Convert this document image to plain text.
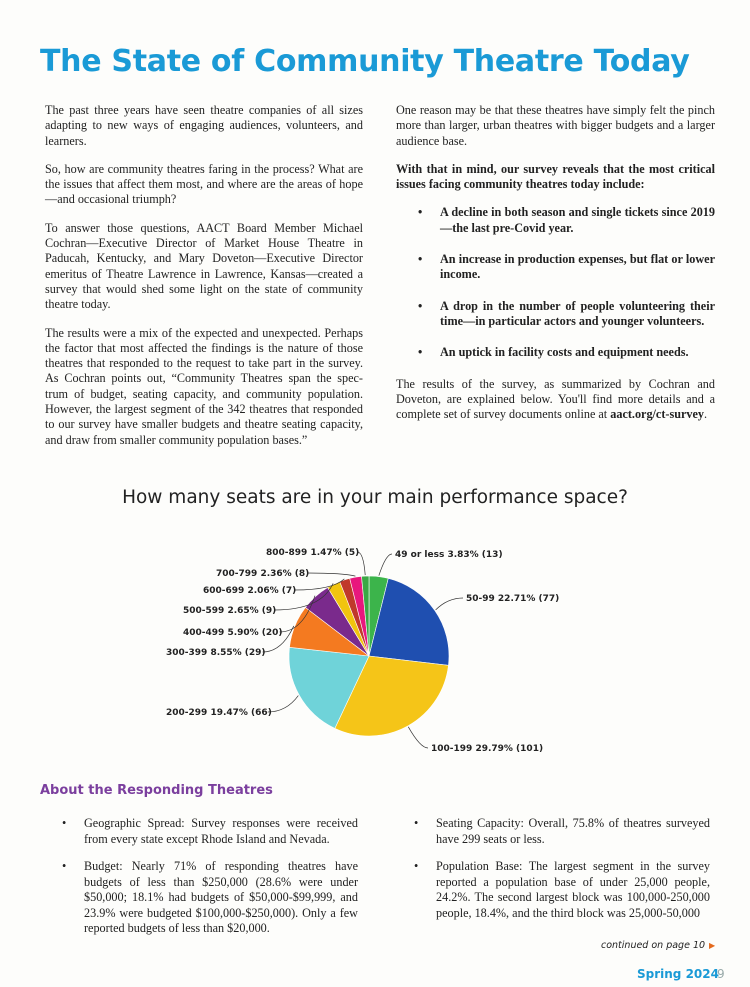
The State of Community Theatre Today

The past three years have seen theatre companies of all sizes adapting to new ways of engaging audiences, volunteers, and learners.

So, how are community theatres faring in the process? What are the issues that affect them most, and where are the areas of hope—and occasional triumph?

To answer those questions, AACT Board Member Michael Cochran—Executive Director of Market House Theatre in Paducah, Kentucky, and Mary Doveton—Executive Director emeritus of Theatre Lawrence in Lawrence, Kansas—created a survey that would shed some light on the state of community theatre today.

The results were a mix of the expected and unexpected. Perhaps the factor that most affected the findings is the nature of those theatres that responded to the request to take part in the survey. As Cochran points out, “Community Theatres span the spec-trum of budget, seating capacity, and community population. However, the largest segment of the 342 theatres that responded to our survey have smaller budgets and theatre seating capacity, and draw from smaller community population bases.”

One reason may be that these theatres have simply felt the pinch more than larger, urban theatres with bigger budgets and a larger audience base.

With that in mind, our survey reveals that the most critical issues facing community theatres today include:

• A decline in both season and single tickets since 2019—the last pre-Covid year.
• An increase in production expenses, but flat or lower income.
• A drop in the number of people volunteering their time—in particular actors and younger volunteers.
• An uptick in facility costs and equipment needs.

The results of the survey, as summarized by Cochran and Doveton, are explained below. You'll find more details and a complete set of survey documents online at aact.org/ct-survey.

How many seats are in your main performance space?
49 or less 3.83% (13)
50-99 22.71% (77)
100-199 29.79% (101)
200-299 19.47% (66)
300-399 8.55% (29)
400-499 5.90% (20)
500-599 2.65% (9)
600-699 2.06% (7)
700-799 2.36% (8)
800-899 1.47% (5)
About the Responding Theatres
• Geographic Spread: Survey responses were received from every state except Rhode Island and Nevada.
• Budget: Nearly 71% of responding theatres have budgets of less than $250,000 (28.6% were under $50,000; 18.1% had budgets of $50,000-$99,999, and 23.9% were budgeted $100,000-$250,000). Only a few reported budgets of less than $20,000.
• Seating Capacity: Overall, 75.8% of theatres surveyed have 299 seats or less.
• Population Base: The largest segment in the survey reported a population base of under 25,000 people, 24.2%. The second largest block was 100,000-250,000 people, 18.4%, and the third block was 25,000-50,000
continued on page 10 ▶
Spring 2024
9
